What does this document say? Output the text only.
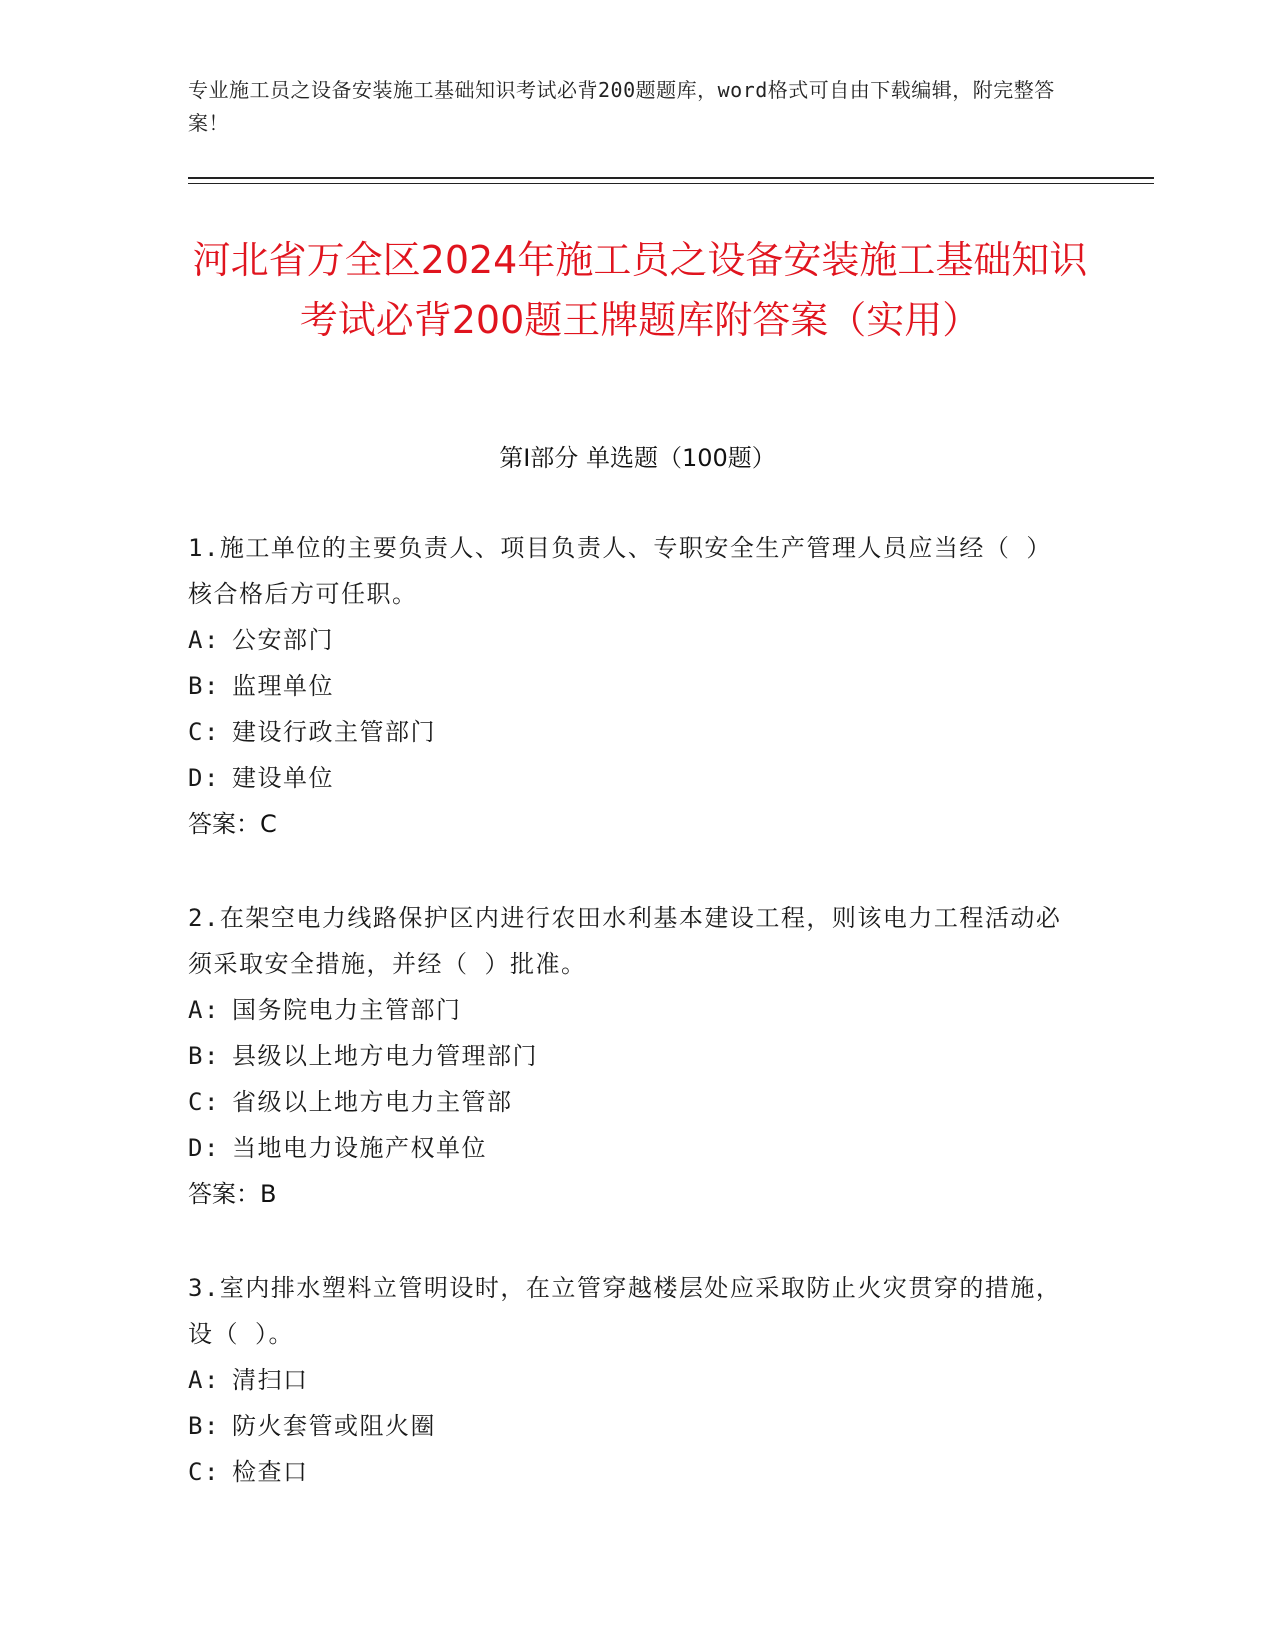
专业施工员之设备安装施工基础知识考试必背200题题库，word格式可自由下载编辑，附完整答案！
河北省万全区2024年施工员之设备安装施工基础知识考试必背200题王牌题库附答案（实用）
第Ⅰ部分 单选题（100题）

1.施工单位的主要负责人、项目负责人、专职安全生产管理人员应当经（ ）核合格后方可任职。

A: 公安部门

B: 监理单位

C: 建设行政主管部门

D: 建设单位

答案：C

2.在架空电力线路保护区内进行农田水利基本建设工程，则该电力工程活动必须采取安全措施，并经（ ）批准。

A: 国务院电力主管部门

B: 县级以上地方电力管理部门

C: 省级以上地方电力主管部

D: 当地电力设施产权单位

答案：B

3.室内排水塑料立管明设时，在立管穿越楼层处应采取防止火灾贯穿的措施，设（ ）。

A: 清扫口

B: 防火套管或阻火圈

C: 检查口
